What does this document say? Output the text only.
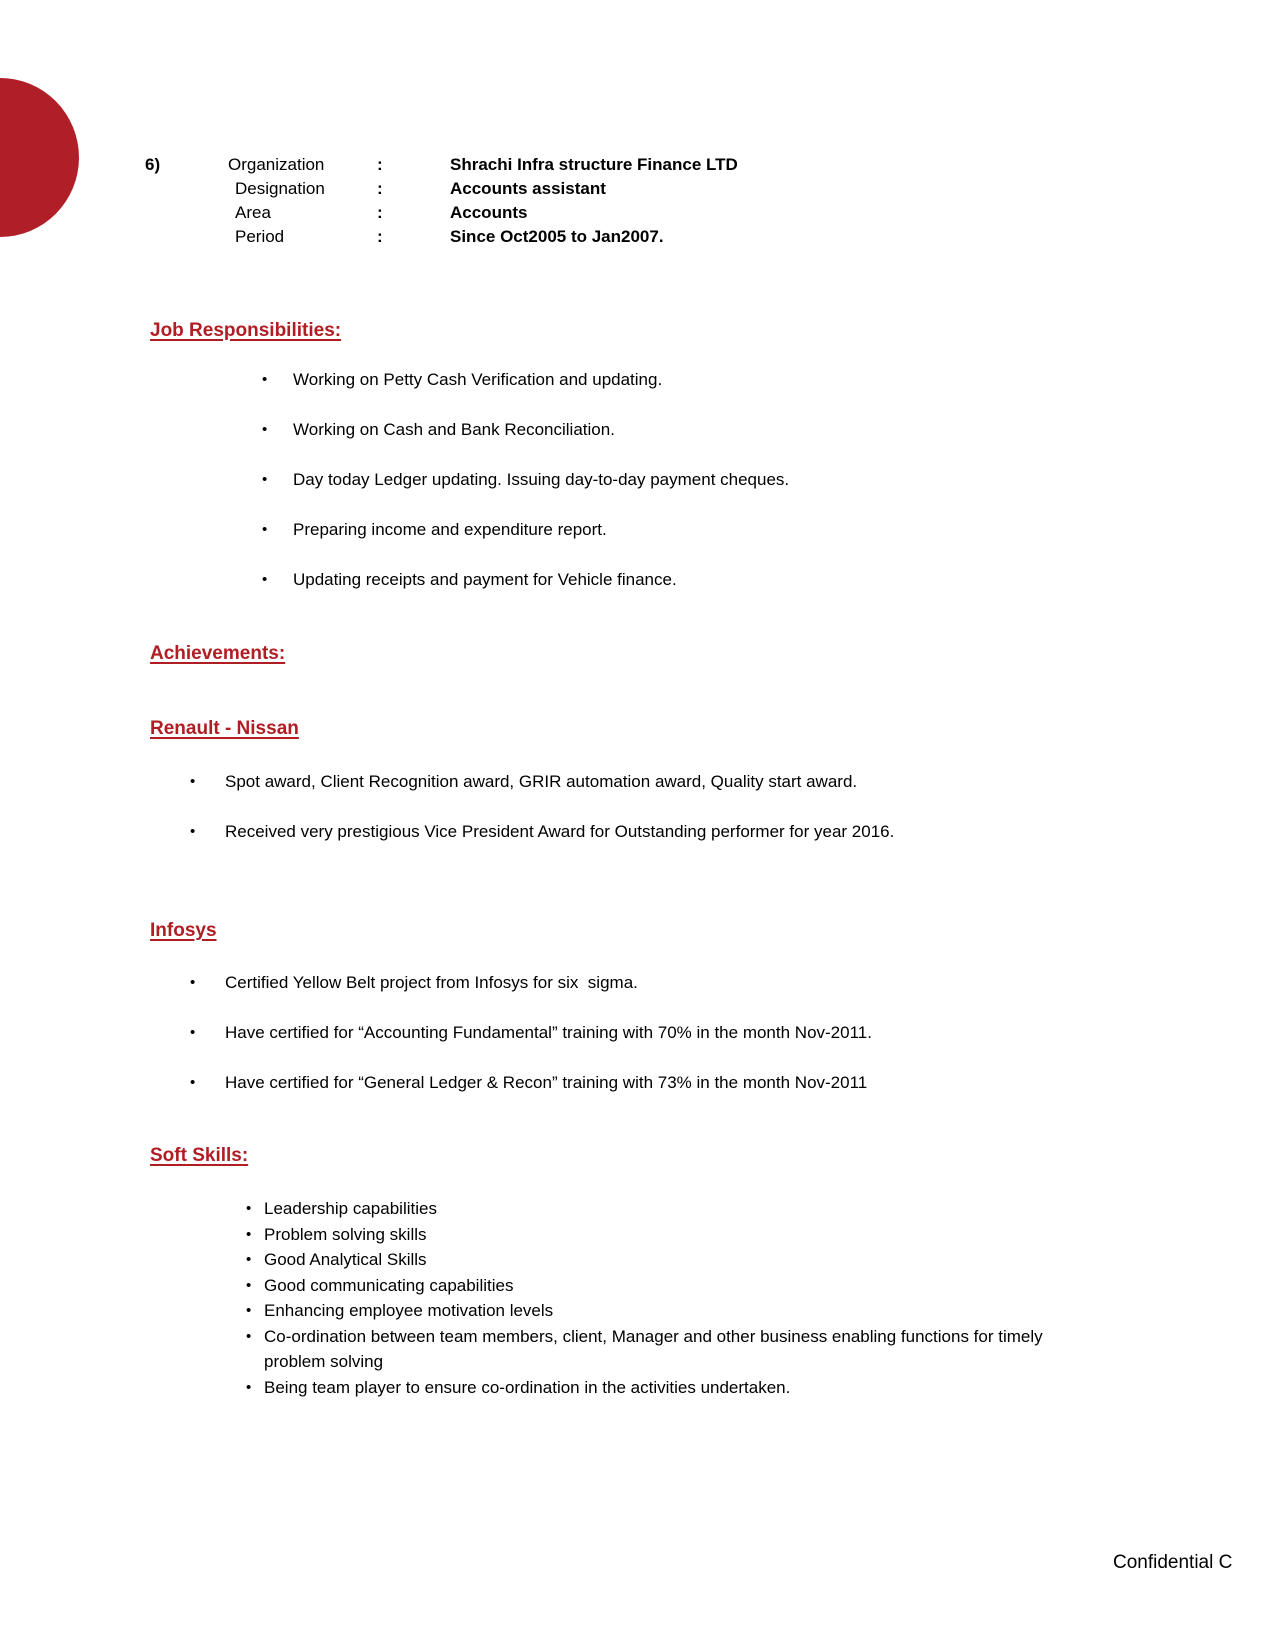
6)	Organization	:	Shrachi Infra structure Finance LTD
Designation	:	Accounts assistant
Area	:	Accounts
Period	:	Since Oct2005 to Jan2007.
Job Responsibilities:
•	Working on Petty Cash Verification and updating.
•	Working on Cash and Bank Reconciliation.
•	Day today Ledger updating. Issuing day-to-day payment cheques.
•	Preparing income and expenditure report.
•	Updating receipts and payment for Vehicle finance.
Achievements:
Renault - Nissan
•	Spot award, Client Recognition award, GRIR automation award, Quality start award.
•	Received very prestigious Vice President Award for Outstanding performer for year 2016.
Infosys
•	Certified Yellow Belt project from Infosys for six  sigma.
•	Have certified for “Accounting Fundamental” training with 70% in the month Nov-2011.
•	Have certified for “General Ledger & Recon” training with 73% in the month Nov-2011
Soft Skills:
• Leadership capabilities
• Problem solving skills
• Good Analytical Skills
• Good communicating capabilities
• Enhancing employee motivation levels
• Co-ordination between team members, client, Manager and other business enabling functions for timely problem solving
• Being team player to ensure co-ordination in the activities undertaken.
Confidential C
